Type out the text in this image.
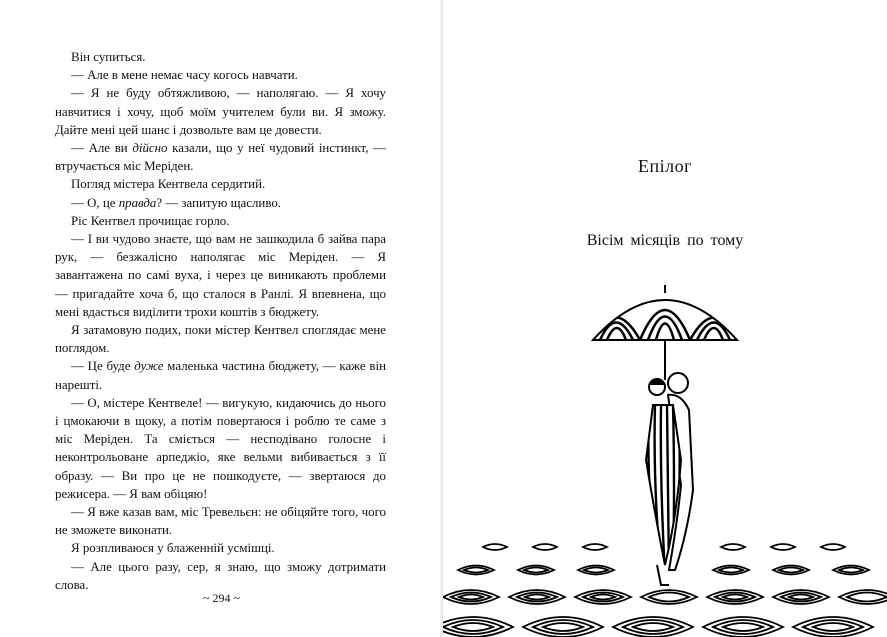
Він супиться.

— Але в мене немає часу когось навчати.

— Я не буду обтяжливою, — наполягаю. — Я хочу навчитися і хочу, щоб моїм учителем були ви. Я зможу. Дайте мені цей шанс і дозвольте вам це довести.

— Але ви дійсно казали, що у неї чудовий інстинкт, — втручається міс Меріден.

Погляд містера Кентвела сердитий.

— О, це правда? — запитую щасливо.

Ріс Кентвел прочищає горло.

— І ви чудово знаєте, що вам не зашкодила б зайва пара рук, — безжалісно наполягає міс Меріден. — Я завантажена по самі вуха, і через це виникають проблеми — пригадайте хоча б, що сталося в Ранлі. Я впевнена, що мені вдасться виділити трохи коштів з бюджету.

Я затамовую подих, поки містер Кентвел споглядає мене поглядом.

— Це буде дуже маленька частина бюджету, — каже він нарешті.

— О, містере Кентвеле! — вигукую, кидаючись до нього і цмокаючи в щоку, а потім повертаюся і роблю те саме з міс Меріден. Та сміється — несподівано голосне і неконтрольоване арпеджіо, яке вельми вибивається з її образу. — Ви про це не пошкодуєте, — звертаюся до режисера. — Я вам обіцяю!

— Я вже казав вам, міс Тревельєн: не обіцяйте того, чого не зможете виконати.

Я розпливаюся у блаженній усмішці.

— Але цього разу, сер, я знаю, що зможу дотримати слова.

~ 294 ~
Епілог
Вісім місяців по тому
